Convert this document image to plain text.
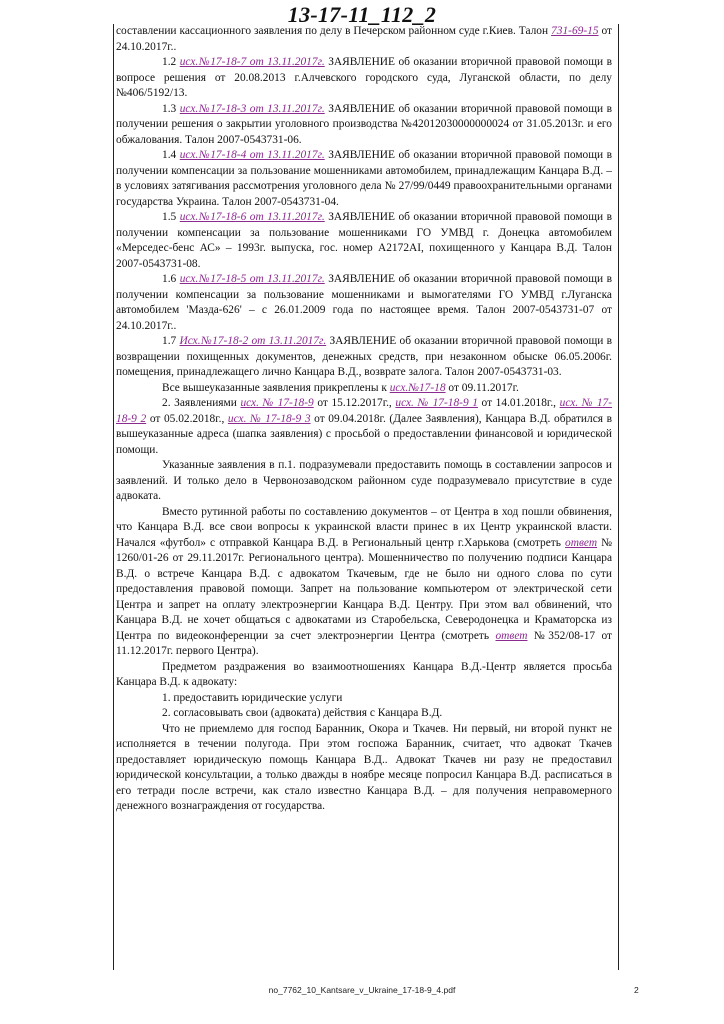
13-17-11_112_2

составлении кассационного заявления по делу в Печерском районном суде г.Киев. Талон 731-69-15 от 24.10.2017г..

1.2 исх.№17-18-7 от 13.11.2017г. ЗАЯВЛЕНИЕ об оказании вторичной правовой помощи в вопросе решения от 20.08.2013 г.Алчевского городского суда, Луганской области, по делу №406/5192/13.

1.3 исх.№17-18-3 от 13.11.2017г. ЗАЯВЛЕНИЕ об оказании вторичной правовой помощи в получении решения о закрытии уголовного производства №42012030000000024 от 31.05.2013г. и его обжалования. Талон 2007-0543731-06.

1.4 исх.№17-18-4 от 13.11.2017г. ЗАЯВЛЕНИЕ об оказании вторичной правовой помощи в получении компенсации за пользование мошенниками автомобилем, принадлежащим Канцара В.Д. – в условиях затягивания рассмотрения уголовного дела № 27/99/0449 правоохранительными органами государства Украина. Талон 2007-0543731-04.

1.5 исх.№17-18-6 от 13.11.2017г. ЗАЯВЛЕНИЕ об оказании вторичной правовой помощи в получении компенсации за пользование мошенниками ГО УМВД г. Донецка автомобилем «Мерседес-бенс АС» – 1993г. выпуска, гос. номер А2172АІ, похищенного у Канцара В.Д. Талон 2007-0543731-08.

1.6 исх.№17-18-5 от 13.11.2017г. ЗАЯВЛЕНИЕ об оказании вторичной правовой помощи в получении компенсации за пользование мошенниками и вымогателями ГО УМВД г.Луганска автомобилем 'Мазда-626' – с 26.01.2009 года по настоящее время. Талон 2007-0543731-07 от 24.10.2017г..

1.7 Исх.№17-18-2 от 13.11.2017г. ЗАЯВЛЕНИЕ об оказании вторичной правовой помощи в возвращении похищенных документов, денежных средств, при незаконном обыске 06.05.2006г. помещения, принадлежащего лично Канцара В.Д., возврате залога. Талон 2007-0543731-03.

Все вышеуказанные заявления прикреплены к исх.№17-18 от 09.11.2017г.

2. Заявлениями исх. № 17-18-9 от 15.12.2017г., исх. № 17-18-9 1 от 14.01.2018г., исх. № 17-18-9 2 от 05.02.2018г., исх. № 17-18-9 3 от 09.04.2018г. (Далее Заявления), Канцара В.Д. обратился в вышеуказанные адреса (шапка заявления) с просьбой о предоставлении финансовой и юридической помощи.

Указанные заявления в п.1. подразумевали предоставить помощь в составлении запросов и заявлений. И только дело в Червонозаводском районном суде подразумевало присутствие в суде адвоката.

Вместо рутинной работы по составлению документов – от Центра в ход пошли обвинения, что Канцара В.Д. все свои вопросы к украинской власти принес в их Центр украинской власти. Начался «футбол» с отправкой Канцара В.Д. в Региональный центр г.Харькова (смотреть ответ № 1260/01-26 от 29.11.2017г. Регионального центра). Мошенничество по получению подписи Канцара В.Д. о встрече Канцара В.Д. с адвокатом Ткачевым, где не было ни одного слова по сути предоставления правовой помощи. Запрет на пользование компьютером от электрической сети Центра и запрет на оплату электроэнергии Канцара В.Д. Центру. При этом вал обвинений, что Канцара В.Д. не хочет общаться с адвокатами из Старобельска, Северодонецка и Краматорска из Центра по видеоконференции за счет электроэнергии Центра (смотреть ответ №352/08-17 от 11.12.2017г. первого Центра).

Предметом раздражения во взаимоотношениях Канцара В.Д.-Центр является просьба Канцара В.Д. к адвокату:

1. предоставить юридические услуги

2. согласовывать свои (адвоката) действия с Канцара В.Д.

Что не приемлемо для господ Баранник, Окора и Ткачев. Ни первый, ни второй пункт не исполняется в течении полугода. При этом госпожа Баранник, считает, что адвокат Ткачев предоставляет юридическую помощь Канцара В.Д.. Адвокат Ткачев ни разу не предоставил юридической консультации, а только дважды в ноябре месяце попросил Канцара В.Д. расписаться в его тетради после встречи, как стало известно Канцара В.Д. – для получения неправомерного денежного вознаграждения от государства.

no_7762_10_Kantsare_v_Ukraine_17-18-9_4.pdf	2
